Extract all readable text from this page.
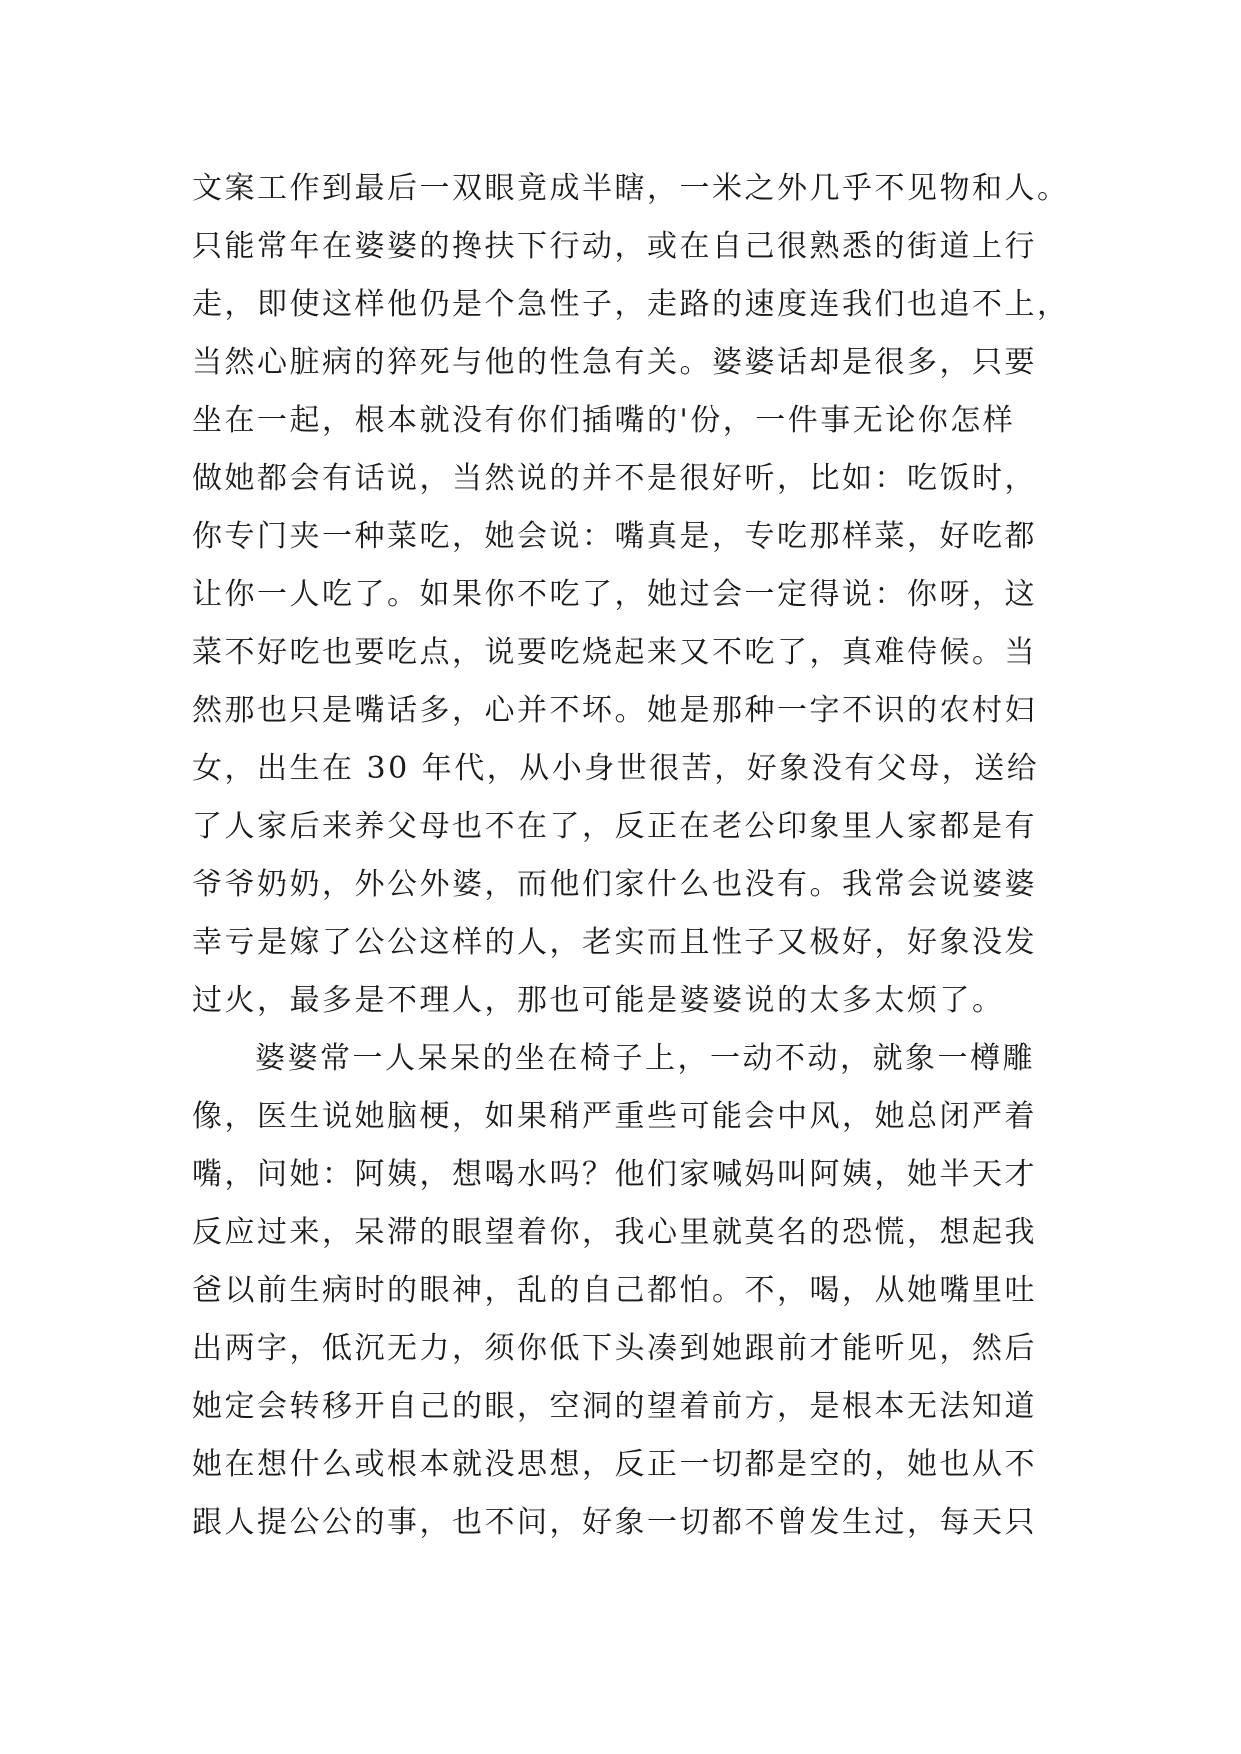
文案工作到最后一双眼竟成半瞎，一米之外几乎不见物和人。
只能常年在婆婆的搀扶下行动，或在自己很熟悉的街道上行
走，即使这样他仍是个急性子，走路的速度连我们也追不上，
当然心脏病的猝死与他的性急有关。婆婆话却是很多，只要
坐在一起，根本就没有你们插嘴的'份，一件事无论你怎样
做她都会有话说，当然说的并不是很好听，比如：吃饭时，
你专门夹一种菜吃，她会说：嘴真是，专吃那样菜，好吃都
让你一人吃了。如果你不吃了，她过会一定得说：你呀，这
菜不好吃也要吃点，说要吃烧起来又不吃了，真难侍候。当
然那也只是嘴话多，心并不坏。她是那种一字不识的农村妇
女，出生在 30 年代，从小身世很苦，好象没有父母，送给
了人家后来养父母也不在了，反正在老公印象里人家都是有
爷爷奶奶，外公外婆，而他们家什么也没有。我常会说婆婆
幸亏是嫁了公公这样的人，老实而且性子又极好，好象没发
过火，最多是不理人，那也可能是婆婆说的太多太烦了。
婆婆常一人呆呆的坐在椅子上，一动不动，就象一樽雕
像，医生说她脑梗，如果稍严重些可能会中风，她总闭严着
嘴，问她：阿姨，想喝水吗？他们家喊妈叫阿姨，她半天才
反应过来，呆滞的眼望着你，我心里就莫名的恐慌，想起我
爸以前生病时的眼神，乱的自己都怕。不，喝，从她嘴里吐
出两字，低沉无力，须你低下头凑到她跟前才能听见，然后
她定会转移开自己的眼，空洞的望着前方，是根本无法知道
她在想什么或根本就没思想，反正一切都是空的，她也从不
跟人提公公的事，也不问，好象一切都不曾发生过，每天只
